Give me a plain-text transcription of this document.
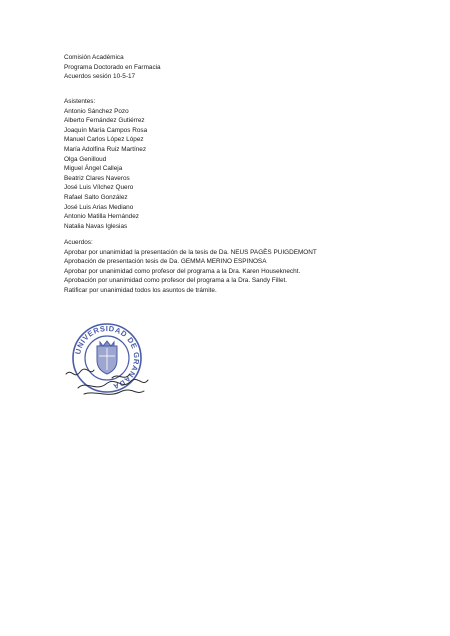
Comisión Académica
Programa Doctorado en Farmacia
Acuerdos sesión 10-5-17
Asistentes:
Antonio Sánchez Pozo
Alberto Fernández Gutiérrez
Joaquín María Campos Rosa
Manuel Carlos López López
María Adolfina Ruiz Martínez
Olga Genilloud
Miguel Ángel Calleja
Beatriz Clares Naveros
José Luis Vílchez Quero
Rafael Salto González
José Luis Arias Mediano
Antonio Matilla Hernández
Natalia Navas Iglesias
Acuerdos:
Aprobar por unanimidad la presentación de la tesis de Da. NEUS PAGÈS PUIGDEMONT
Aprobación de presentación tesis de Da. GEMMA MERINO ESPINOSA
Aprobar por unanimidad como profesor del programa a la Dra. Karen Houseknecht.
Aprobación por unanimidad como profesor del programa a la Dra. Sandy Fillet.
Ratificar por unanimidad todos los asuntos de trámite.
UNIVERSIDAD DE GRANADA
